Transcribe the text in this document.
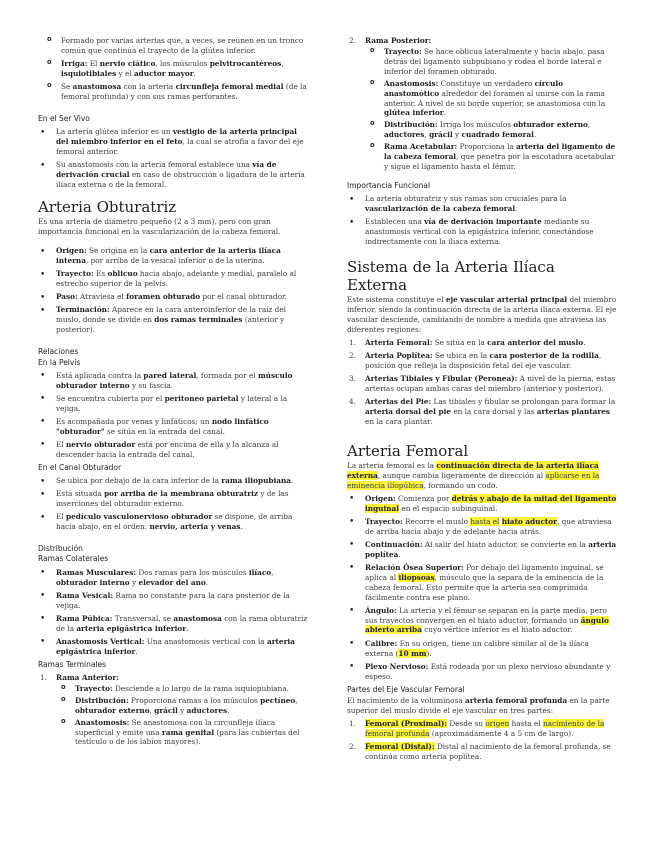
o Formado por varias arterias que, a veces, se reúnen en un tronco común que continúa el trayecto de la glútea inferior.
o Irriga: El nervio ciático, los músculos pelvitrocantéreos, isquiotibiales y el aductor mayor.
o Se anastomosa con la arteria circunfleja femoral medial (de la femoral profunda) y con sus ramas perforantes.

En el Ser Vivo

• La arteria glútea inferior es un vestigio de la arteria principal del miembro inferior en el feto, la cual se atrofia a favor del eje femoral anterior.
• Su anastomosis con la arteria femoral establece una vía de derivación crucial en caso de obstrucción o ligadura de la arteria ilíaca externa o de la femoral.
Arteria Obturatriz

Es una arteria de diámetro pequeño (2 a 3 mm), pero con gran importancia funcional en la vascularización de la cabeza femoral.

• Origen: Se origina en la cara anterior de la arteria ilíaca interna, por arriba de la vesical inferior o de la uterina.
• Trayecto: Es oblicuo hacia abajo, adelante y medial, paralelo al estrecho superior de la pelvis.
• Paso: Atraviesa el foramen obturado por el canal obturador.
• Terminación: Aparece en la cara anteroinferior de la raíz del muslo, donde se divide en dos ramas terminales (anterior y posterior).

Relaciones

En la Pelvis

• Está aplicada contra la pared lateral, formada por el músculo obturador interno y su fascia.
• Se encuentra cubierta por el peritoneo parietal y lateral a la vejiga.
• Es acompañada por venas y linfáticos; un nodo linfático "obturador" se sitúa en la entrada del canal.
• El nervio obturador está por encima de ella y la alcanza al descender hacia la entrada del canal.

En el Canal Obturador

• Se ubica por debajo de la cara inferior de la rama iliopubiana.
• Está situada por arriba de la membrana obturatriz y de las inserciones del obturador externo.
• El pedículo vasculonervioso obturador se dispone, de arriba hacia abajo, en el orden: nervio, arteria y venas.

Distribución

Ramas Colaterales

• Ramas Musculares: Dos ramas para los músculos ilíaco, obturador interno y elevador del ano.
• Rama Vesical: Rama no constante para la cara posterior de la vejiga.
• Rama Púbica: Transversal, se anastomosa con la rama obturatriz de la arteria epigástrica inferior.
• Anastomosis Vertical: Una anastomosis vertical con la arteria epigástrica inferior.

Ramas Terminales

1. Rama Anterior:
o Trayecto: Desciende a lo largo de la rama isquiopubiana.
o Distribución: Proporciona ramas a los músculos pectíneo, obturador externo, grácil y aductores.
o Anastomosis: Se anastomosa con la circunfleja ilíaca superficial y emite una rama genital (para las cubiertas del testículo o de los labios mayores).
2. Rama Posterior:
o Trayecto: Se hace oblicua lateralmente y hacia abajo, pasa detrás del ligamento subpubiano y rodea el borde lateral e inferior del foramen obturado.
o Anastomosis: Constituye un verdadero círculo anastomótico alrededor del foramen al unirse con la rama anterior. A nivel de su borde superior, se anastomosa con la glútea inferior.
o Distribución: Irriga los músculos obturador externo, aductores, grácil y cuadrado femoral.
o Rama Acetabular: Proporciona la arteria del ligamento de la cabeza femoral, que penetra por la escotadura acetabular y sigue el ligamento hasta el fémur.

Importancia Funcional

• La arteria obturatriz y sus ramas son cruciales para la vascularización de la cabeza femoral.
• Establecen una vía de derivación importante mediante su anastomosis vertical con la epigástrica inferior, conectándose indirectamente con la ilíaca externa.
Sistema de la Arteria Ilíaca Externa

Este sistema constituye el eje vascular arterial principal del miembro inferior, siendo la continuación directa de la arteria ilíaca externa. El eje vascular desciende, cambiando de nombre a medida que atraviesa las diferentes regiones:

1. Arteria Femoral: Se sitúa en la cara anterior del muslo.
2. Arteria Poplítea: Se ubica en la cara posterior de la rodilla, posición que refleja la disposición fetal del eje vascular.
3. Arterias Tibiales y Fibular (Peronea): A nivel de la pierna, estas arterias ocupan ambas caras del miembro (anterior y posterior).
4. Arterias del Pie: Las tibiales y fibular se prolongan para formar la arteria dorsal del pie en la cara dorsal y las arterias plantares en la cara plantar.
Arteria Femoral

La arteria femoral es la continuación directa de la arteria ilíaca externa, aunque cambia ligeramente de dirección al aplicarse en la eminencia iliopúbica, formando un codo.

• Origen: Comienza por detrás y abajo de la mitad del ligamento inguinal en el espacio subinguinal.
• Trayecto: Recorre el muslo hasta el hiato aductor, que atraviesa de arriba hacia abajo y de adelante hacia atrás.
• Continuación: Al salir del hiato aductor, se convierte en la arteria poplítea.
• Relación Ósea Superior: Por debajo del ligamento inguinal, se aplica al iliopsoas, músculo que la separa de la eminencia de la cabeza femoral. Esto permite que la arteria sea comprimida fácilmente contra ese plano.
• Ángulo: La arteria y el fémur se separan en la parte media, pero sus trayectos convergen en el hiato aductor, formando un ángulo abierto arriba cuyo vértice inferior es el hiato aductor.
• Calibre: En su origen, tiene un calibre similar al de la ilíaca externa (10 mm).
• Plexo Nervioso: Está rodeada por un plexo nervioso abundante y espeso.

Partes del Eje Vascular Femoral

El nacimiento de la voluminosa arteria femoral profunda en la parte superior del muslo divide el eje vascular en tres partes:

1. Femoral (Proximal): Desde su origen hasta el nacimiento de la femoral profunda (aproximadamente 4 a 5 cm de largo).
2. Femoral (Distal): Distal al nacimiento de la femoral profunda, se continúa como arteria poplítea.
